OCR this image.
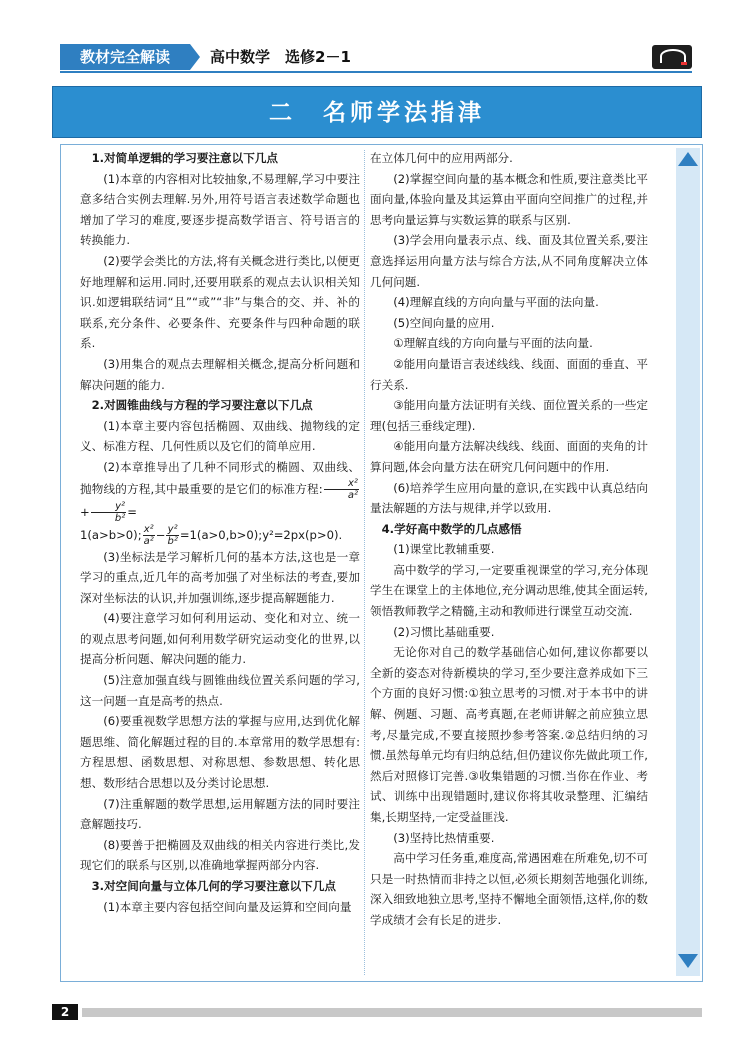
教材完全解读	高中数学　选修2－1
二　名师学法指津

1.对简单逻辑的学习要注意以下几点

(1)本章的内容相对比较抽象,不易理解,学习中要注意多结合实例去理解.另外,用符号语言表述数学命题也增加了学习的难度,要逐步提高数学语言、符号语言的转换能力.

(2)要学会类比的方法,将有关概念进行类比,以便更好地理解和运用.同时,还要用联系的观点去认识相关知识.如逻辑联结词“且”“或”“非”与集合的交、并、补的联系,充分条件、必要条件、充要条件与四种命题的联系.

(3)用集合的观点去理解相关概念,提高分析问题和解决问题的能力.

2.对圆锥曲线与方程的学习要注意以下几点

(1)本章主要内容包括椭圆、双曲线、抛物线的定义、标准方程、几何性质以及它们的简单应用.

(2)本章推导出了几种不同形式的椭圆、双曲线、抛物线的方程,其中最重要的是它们的标准方程: $\frac{\text{x²}}{\text{a²}}$
+ $\frac{\text{y²}}{\text{b²}}$ =

1(a>b>0); $\frac{\text{x²}}{\text{a²}} - \frac{\text{y²}}{\text{b²}}$ =1(a>0,b>0);y²=2px(p>0).

(3)坐标法是学习解析几何的基本方法,这也是一章学习的重点,近几年的高考加强了对坐标法的考查,要加深对坐标法的认识,并加强训练,逐步提高解题能力.

(4)要注意学习如何利用运动、变化和对立、统一的观点思考问题,如何利用数学研究运动变化的世界,以提高分析问题、解决问题的能力.

(5)注意加强直线与圆锥曲线位置关系问题的学习,这一问题一直是高考的热点.

(6)要重视数学思想方法的掌握与应用,达到优化解题思维、简化解题过程的目的.本章常用的数学思想有:方程思想、函数思想、对称思想、参数思想、转化思想、数形结合思想以及分类讨论思想.

(7)注重解题的数学思想,运用解题方法的同时要注意解题技巧.

(8)要善于把椭圆及双曲线的相关内容进行类比,发现它们的联系与区别,以准确地掌握两部分内容.

3.对空间向量与立体几何的学习要注意以下几点

(1)本章主要内容包括空间向量及运算和空间向量

在立体几何中的应用两部分.

(2)掌握空间向量的基本概念和性质,要注意类比平面向量,体验向量及其运算由平面向空间推广的过程,并思考向量运算与实数运算的联系与区别.

(3)学会用向量表示点、线、面及其位置关系,要注意选择运用向量方法与综合方法,从不同角度解决立体几何问题.

(4)理解直线的方向向量与平面的法向量.

(5)空间向量的应用.

①理解直线的方向向量与平面的法向量.

②能用向量语言表述线线、线面、面面的垂直、平行关系.

③能用向量方法证明有关线、面位置关系的一些定理(包括三垂线定理).

④能用向量方法解决线线、线面、面面的夹角的计算问题,体会向量方法在研究几何问题中的作用.

(6)培养学生应用向量的意识,在实践中认真总结向量法解题的方法与规律,并学以致用.

4.学好高中数学的几点感悟

(1)课堂比教辅重要.

高中数学的学习,一定要重视课堂的学习,充分体现学生在课堂上的主体地位,充分调动思维,使其全面运转,领悟教师教学之精髓,主动和教师进行课堂互动交流.

(2)习惯比基础重要.

无论你对自己的数学基础信心如何,建议你都要以全新的姿态对待新模块的学习,至少要注意养成如下三个方面的良好习惯:①独立思考的习惯.对于本书中的讲解、例题、习题、高考真题,在老师讲解之前应独立思考,尽量完成,不要直接照抄参考答案.②总结归纳的习惯.虽然每单元均有归纳总结,但仍建议你先做此项工作,然后对照修订完善.③收集错题的习惯.当你在作业、考试、训练中出现错题时,建议你将其收录整理、汇编结集,长期坚持,一定受益匪浅.

(3)坚持比热情重要.

高中学习任务重,难度高,常遇困难在所难免,切不可只是一时热情而非持之以恒,必须长期刻苦地强化训练,深入细致地独立思考,坚持不懈地全面领悟,这样,你的数学成绩才会有长足的进步.

2
